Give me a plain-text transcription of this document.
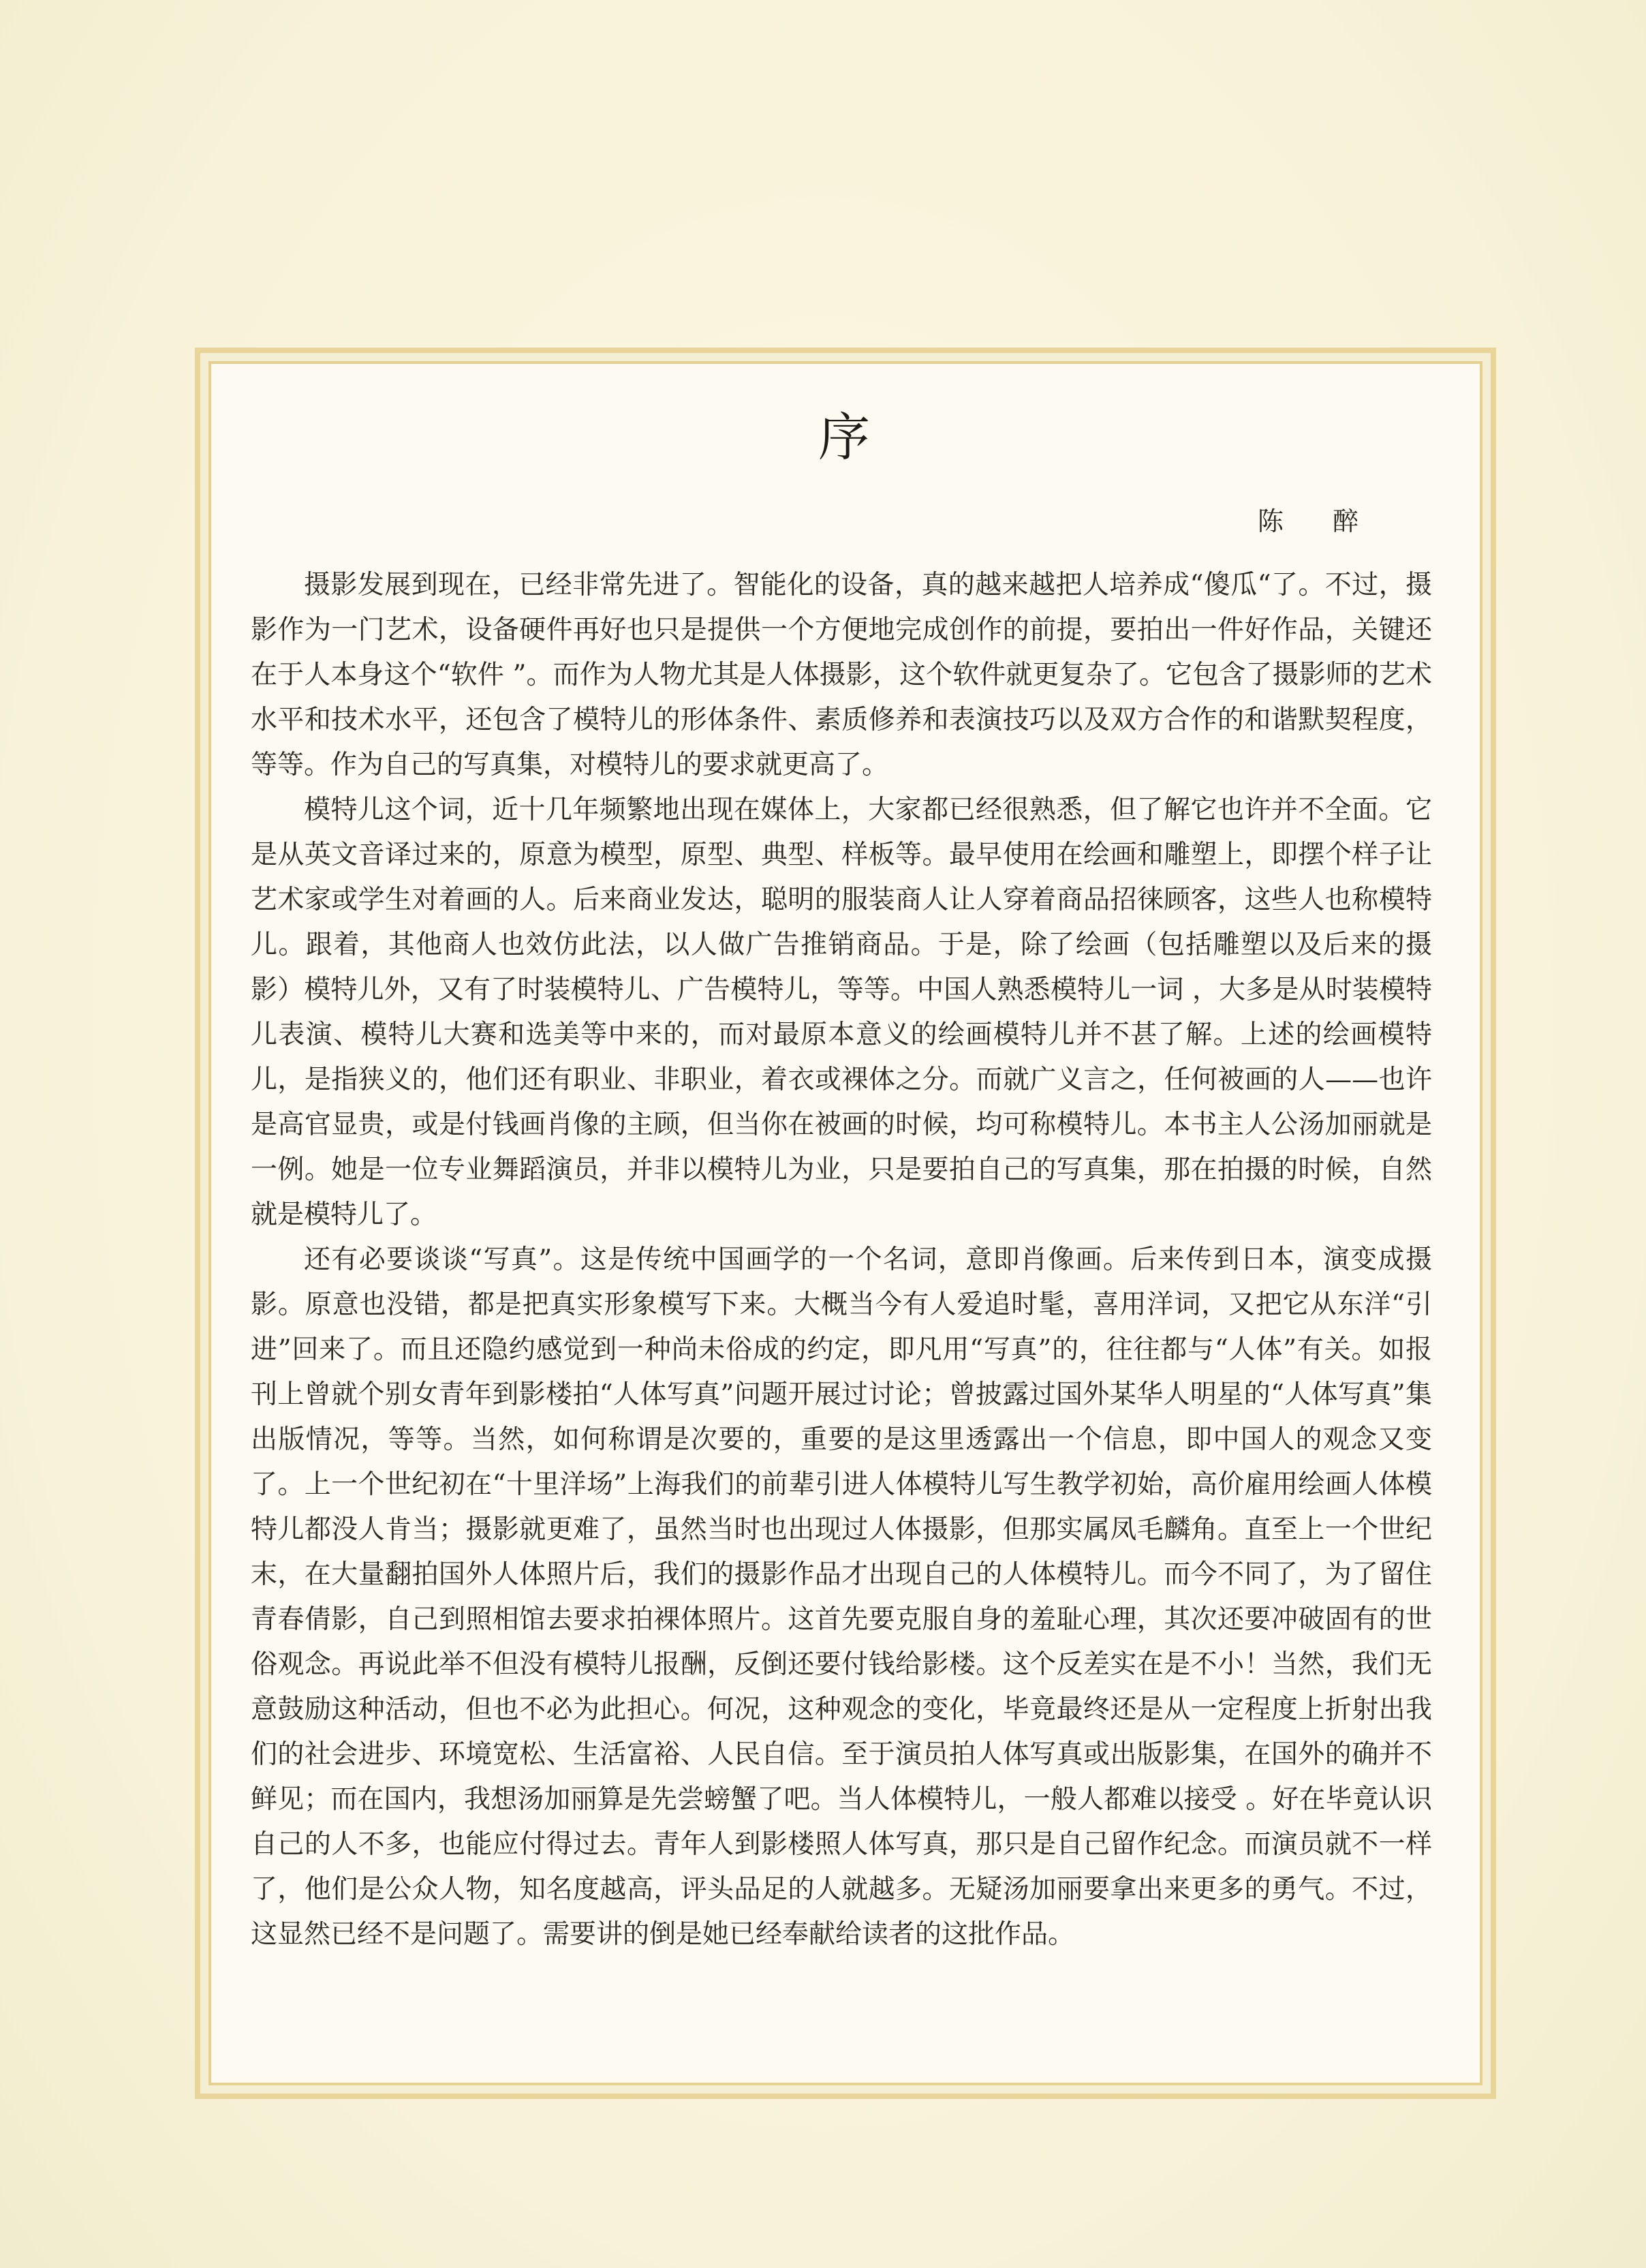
序
陈 醉

摄影发展到现在，已经非常先进了。智能化的设备，真的越来越把人培养成“傻瓜“了。不过，摄影作为一门艺术，设备硬件再好也只是提供一个方便地完成创作的前提，要拍出一件好作品，关键还在于人本身这个“软件 ”。而作为人物尤其是人体摄影，这个软件就更复杂了。它包含了摄影师的艺术水平和技术水平，还包含了模特儿的形体条件、素质修养和表演技巧以及双方合作的和谐默契程度，等等。作为自己的写真集，对模特儿的要求就更高了。

模特儿这个词，近十几年频繁地出现在媒体上，大家都已经很熟悉，但了解它也许并不全面。它是从英文音译过来的，原意为模型，原型、典型、样板等。最早使用在绘画和雕塑上，即摆个样子让艺术家或学生对着画的人。后来商业发达，聪明的服装商人让人穿着商品招徕顾客，这些人也称模特儿。跟着，其他商人也效仿此法，以人做广告推销商品。于是，除了绘画（包括雕塑以及后来的摄影）模特儿外，又有了时装模特儿、广告模特儿，等等。中国人熟悉模特儿一词 ，大多是从时装模特儿表演、模特儿大赛和选美等中来的，而对最原本意义的绘画模特儿并不甚了解。上述的绘画模特儿，是指狭义的，他们还有职业、非职业，着衣或裸体之分。而就广义言之，任何被画的人——也许是高官显贵，或是付钱画肖像的主顾，但当你在被画的时候，均可称模特儿。本书主人公汤加丽就是一例。她是一位专业舞蹈演员，并非以模特儿为业，只是要拍自己的写真集，那在拍摄的时候，自然就是模特儿了。

还有必要谈谈“写真”。这是传统中国画学的一个名词，意即肖像画。后来传到日本，演变成摄影。原意也没错，都是把真实形象模写下来。大概当今有人爱追时髦，喜用洋词，又把它从东洋“引进”回来了。而且还隐约感觉到一种尚未俗成的约定，即凡用“写真”的，往往都与“人体”有关。如报刊上曾就个别女青年到影楼拍“人体写真”问题开展过讨论；曾披露过国外某华人明星的“人体写真”集出版情况，等等。当然，如何称谓是次要的，重要的是这里透露出一个信息，即中国人的观念又变了。上一个世纪初在“十里洋场”上海我们的前辈引进人体模特儿写生教学初始，高价雇用绘画人体模特儿都没人肯当；摄影就更难了，虽然当时也出现过人体摄影，但那实属凤毛麟角。直至上一个世纪末，在大量翻拍国外人体照片后，我们的摄影作品才出现自己的人体模特儿。而今不同了，为了留住青春倩影，自己到照相馆去要求拍裸体照片。这首先要克服自身的羞耻心理，其次还要冲破固有的世俗观念。再说此举不但没有模特儿报酬，反倒还要付钱给影楼。这个反差实在是不小！当然，我们无意鼓励这种活动，但也不必为此担心。何况，这种观念的变化，毕竟最终还是从一定程度上折射出我们的社会进步、环境宽松、生活富裕、人民自信。至于演员拍人体写真或出版影集，在国外的确并不鲜见；而在国内，我想汤加丽算是先尝螃蟹了吧。当人体模特儿，一般人都难以接受 。好在毕竟认识自己的人不多，也能应付得过去。青年人到影楼照人体写真，那只是自己留作纪念。而演员就不一样了，他们是公众人物，知名度越高，评头品足的人就越多。无疑汤加丽要拿出来更多的勇气。不过，这显然已经不是问题了。需要讲的倒是她已经奉献给读者的这批作品。
